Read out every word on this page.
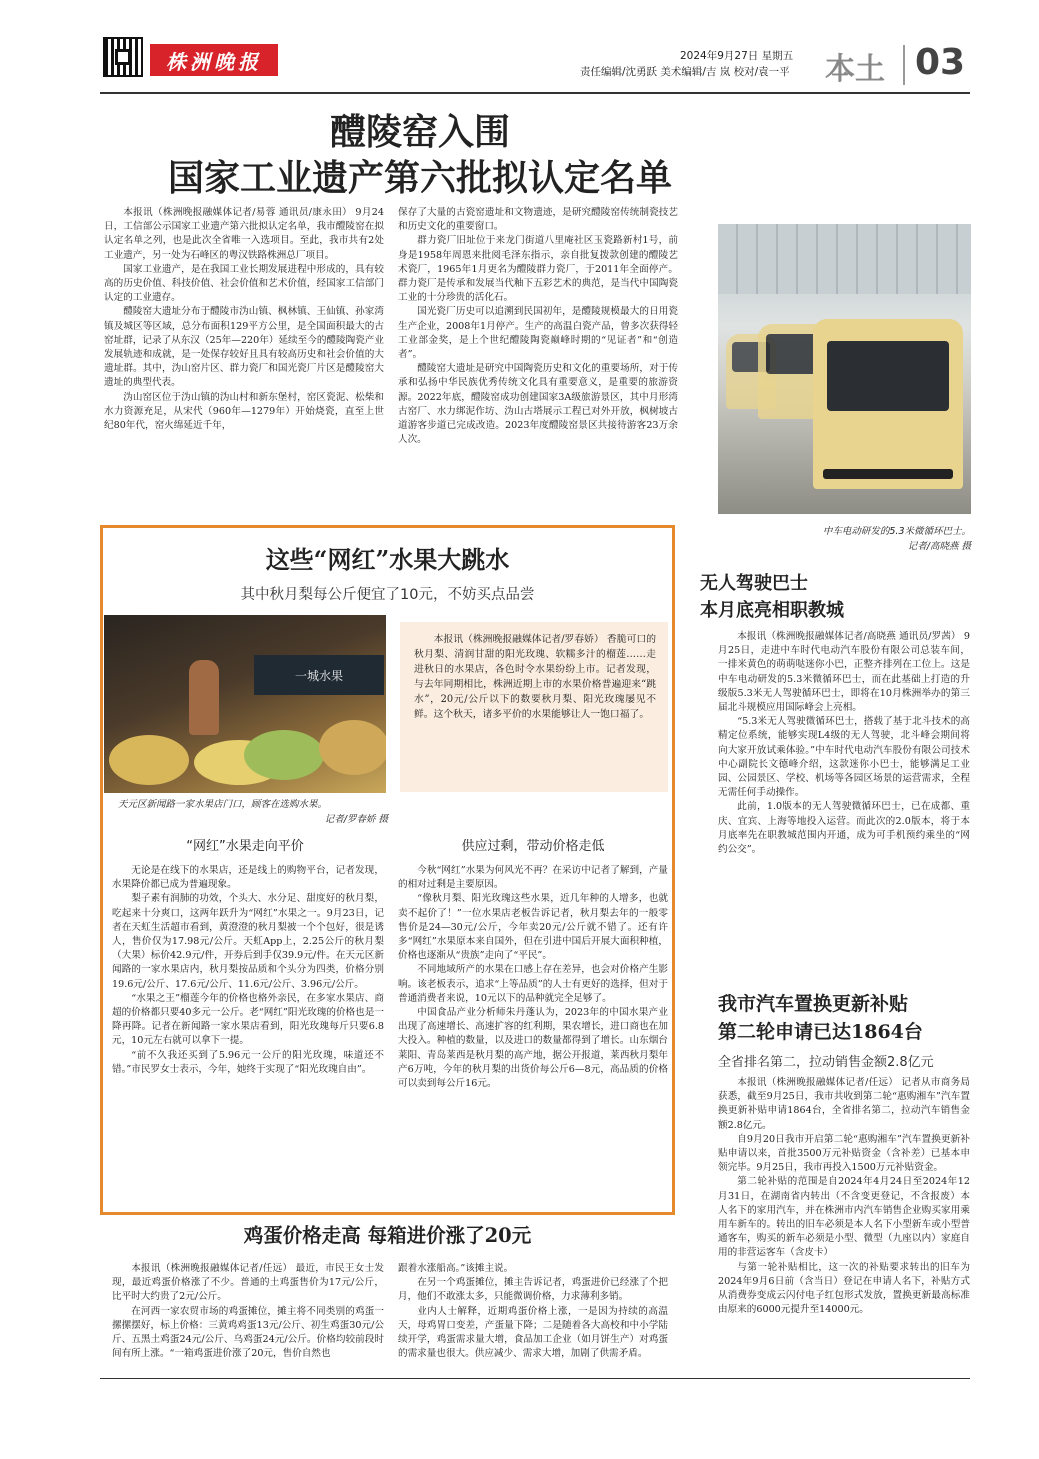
株洲晚报	2024年9月27日 星期五
责任编辑/沈勇跃 美术编辑/吉 岚 校对/袁一平	本土 03
醴陵窑入围
国家工业遗产第六批拟认定名单

本报讯（株洲晚报融媒体记者/易蓉 通讯员/康永田） 9月24日，工信部公示国家工业遗产第六批拟认定名单，我市醴陵窑在拟认定名单之列，也是此次全省唯一入选项目。至此，我市共有2处工业遗产，另一处为石峰区的粤汉铁路株洲总厂项目。

国家工业遗产，是在我国工业长期发展进程中形成的，具有较高的历史价值、科技价值、社会价值和艺术价值，经国家工信部门认定的工业遗存。

醴陵窑大遗址分布于醴陵市沩山镇、枫林镇、王仙镇、孙家湾镇及城区等区域，总分布面积129平方公里，是全国面积最大的古窑址群，记录了从东汉（25年—220年）延续至今的醴陵陶瓷产业发展轨迹和成就，是一处保存较好且具有较高历史和社会价值的大遗址群。其中，沩山窑片区、群力瓷厂和国光瓷厂片区是醴陵窑大遗址的典型代表。

沩山窑区位于沩山镇的沩山村和新东堡村，窑区瓷泥、松柴和水力资源充足，从宋代（960年—1279年）开始烧瓷，直至上世纪80年代，窑火绵延近千年，

保存了大量的古瓷窑遗址和文物遗迹，是研究醴陵窑传统制瓷技艺和历史文化的重要窗口。

群力瓷厂旧址位于来龙门街道八里庵社区玉瓷路新村1号，前身是1958年周恩来批阅毛泽东指示，亲自批复拨款创建的醴陵艺术瓷厂，1965年1月更名为醴陵群力瓷厂，于2011年全面停产。群力瓷厂是传承和发展当代釉下五彩艺术的典范，是当代中国陶瓷工业的十分珍贵的活化石。

国光瓷厂历史可以追溯到民国初年，是醴陵规模最大的日用瓷生产企业，2008年1月停产。生产的高温白瓷产品，曾多次获得轻工业部金奖，是上个世纪醴陵陶瓷巅峰时期的“见证者”和“创造者”。

醴陵窑大遗址是研究中国陶瓷历史和文化的重要场所，对于传承和弘扬中华民族优秀传统文化具有重要意义，是重要的旅游资源。2022年底，醴陵窑成功创建国家3A级旅游景区，其中月形湾古窑厂、水力绑泥作坊、沩山古塔展示工程已对外开放，枫树坡古道游客步道已完成改造。2023年度醴陵窑景区共接待游客23万余人次。

中车电动研发的5.3米微循环巴士。
记者/高晓燕 摄
无人驾驶巴士
本月底亮相职教城

本报讯（株洲晚报融媒体记者/高晓燕 通讯员/罗茜） 9月25日，走进中车时代电动汽车股份有限公司总装车间，一排米黄色的萌萌哒迷你小巴，正整齐排列在工位上。这是中车电动研发的5.3米微循环巴士，而在此基础上打造的升级版5.3米无人驾驶循环巴士，即将在10月株洲举办的第三届北斗规模应用国际峰会上亮相。

“5.3米无人驾驶微循环巴士，搭载了基于北斗技术的高精定位系统，能够实现L4级的无人驾驶，北斗峰会期间将向大家开放试乘体验。”中车时代电动汽车股份有限公司技术中心副院长文德峰介绍，这款迷你小巴士，能够满足工业园、公园景区、学校、机场等各园区场景的运营需求，全程无需任何手动操作。

此前，1.0版本的无人驾驶微循环巴士，已在成都、重庆、宜宾、上海等地投入运营。而此次的2.0版本，将于本月底率先在职教城范围内开通，成为可手机预约乘坐的“网约公交”。

这些“网红”水果大跳水
其中秋月梨每公斤便宜了10元，不妨买点品尝
一城水果
天元区新闻路一家水果店门口，顾客在选购水果。
记者/罗春娇 摄

本报讯（株洲晚报融媒体记者/罗春娇） 香脆可口的秋月梨、清润甘甜的阳光玫瑰、软糯多汁的榴莲……走进秋日的水果店，各色时令水果纷纷上市。记者发现，与去年同期相比，株洲近期上市的水果价格普遍迎来“跳水”，20元/公斤以下的数要秋月梨、阳光玫瑰屡见不鲜。这个秋天，诸多平价的水果能够让人一饱口福了。

“网红”水果走向平价	供应过剩，带动价格走低

无论是在线下的水果店，还是线上的购物平台，记者发现，水果降价都已成为普遍现象。

梨子素有润肺的功效，个头大、水分足、甜度好的秋月梨，吃起来十分爽口，这两年跃升为“网红”水果之一。9月23日，记者在天虹生活超市看到，黄澄澄的秋月梨被一个个包好，很是诱人，售价仅为17.98元/公斤。天虹App上，2.25公斤的秋月梨（大果）标价42.9元/件，开券后到手仅39.9元/件。在天元区新闻路的一家水果店内，秋月梨按品质和个头分为四类，价格分别19.6元/公斤、17.6元/公斤、11.6元/公斤、3.96元/公斤。

“水果之王”榴莲今年的价格也格外亲民，在多家水果店、商超的价格都只要40多元一公斤。老“网红”阳光玫瑰的价格也是一降再降。记者在新闻路一家水果店看到，阳光玫瑰每斤只要6.8元，10元左右就可以拿下一提。

“前不久我还买到了5.96元一公斤的阳光玫瑰，味道还不错。”市民罗女士表示，今年，她终于实现了“阳光玫瑰自由”。

今秋“网红”水果为何风光不再？在采访中记者了解到，产量的相对过剩是主要原因。

“像秋月梨、阳光玫瑰这些水果，近几年种的人增多，也就卖不起价了！”一位水果店老板告诉记者，秋月梨去年的一般零售价是24—30元/公斤，今年卖20元/公斤就不错了。还有许多“网红”水果原本来自国外，但在引进中国后开展大面积种植，价格也逐渐从“贵族”走向了“平民”。

不同地域所产的水果在口感上存在差异，也会对价格产生影响。该老板表示，追求“上等品质”的人士有更好的选择，但对于普通消费者来说，10元以下的品种就完全足够了。

中国食品产业分析师朱丹蓬认为，2023年的中国水果产业出现了高速增长、高速扩容的红利期，果农增长，进口商也在加大投入。种植的数量，以及进口的数量都得到了增长。山东烟台莱阳、青岛莱西是秋月梨的高产地，据公开报道，莱西秋月梨年产6万吨，今年的秋月梨的出货价每公斤6—8元，高品质的价格可以卖到每公斤16元。

鸡蛋价格走高 每箱进价涨了20元

本报讯（株洲晚报融媒体记者/任远） 最近，市民王女士发现，最近鸡蛋价格涨了不少。普通的土鸡蛋售价为17元/公斤，比平时大约贵了2元/公斤。

在河西一家农贸市场的鸡蛋摊位，摊主将不同类别的鸡蛋一摞摞摆好，标上价格：三黄鸡鸡蛋13元/公斤、初生鸡蛋30元/公斤、五黑土鸡蛋24元/公斤、乌鸡蛋24元/公斤。价格均较前段时间有所上涨。“一箱鸡蛋进价涨了20元，售价自然也

跟着水涨船高。”该摊主说。

在另一个鸡蛋摊位，摊主告诉记者，鸡蛋进价已经涨了个把月，他们不敢涨太多，只能微调价格，力求薄利多销。

业内人士解释，近期鸡蛋价格上涨，一是因为持续的高温天，母鸡胃口变差，产蛋量下降；二是随着各大高校和中小学陆续开学，鸡蛋需求量大增，食品加工企业（如月饼生产）对鸡蛋的需求量也很大。供应减少、需求大增，加剧了供需矛盾。

我市汽车置换更新补贴
第二轮申请已达1864台
全省排名第二，拉动销售金额2.8亿元

本报讯（株洲晚报融媒体记者/任远） 记者从市商务局获悉，截至9月25日，我市共收到第二轮“惠购湘车”汽车置换更新补贴申请1864台，全省排名第二，拉动汽车销售金额2.8亿元。

自9月20日我市开启第二轮“惠购湘车”汽车置换更新补贴申请以来，首批3500万元补贴资金（含补差）已基本申领完毕。9月25日，我市再投入1500万元补贴资金。

第二轮补贴的范围是自2024年4月24日至2024年12月31日，在湖南省内转出（不含变更登记，不含报废）本人名下的家用汽车，并在株洲市内汽车销售企业购买家用乘用车新车的。转出的旧车必须是本人名下小型新车或小型普通客车，购买的新车必须是小型、微型（九座以内）家庭自用的非营运客车（含皮卡）

与第一轮补贴相比，这一次的补贴要求转出的旧车为2024年9月6日前（含当日）登记在申请人名下，补贴方式从消费券变成云闪付电子红包形式发放，置换更新最高标准由原来的6000元提升至14000元。
